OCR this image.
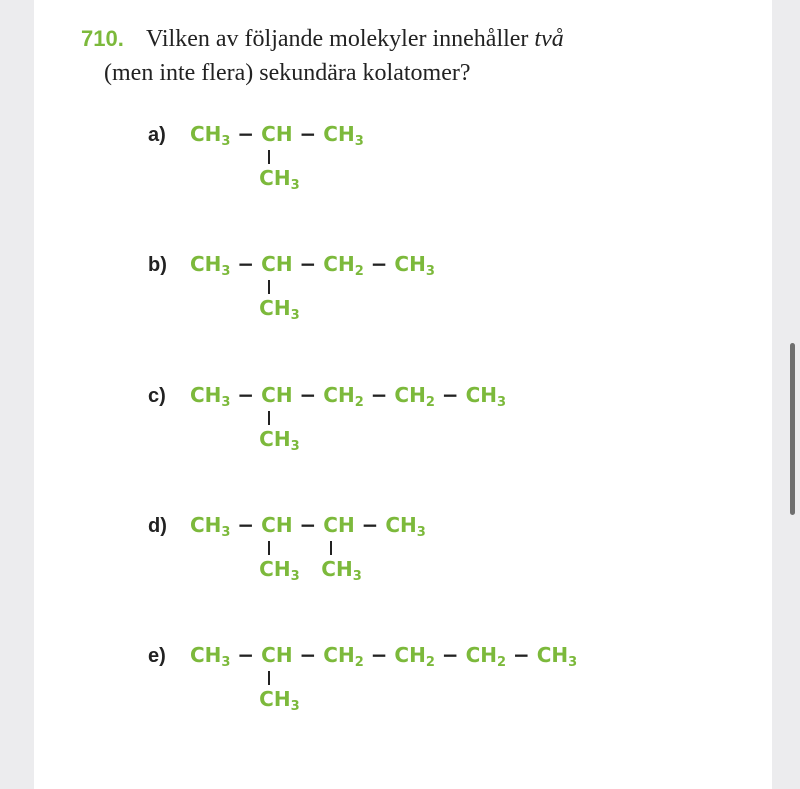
710. Vilken av följande molekyler innehåller två
(men inte flera) sekundära kolatomer?
a) $CH_3$ − CH − $CH_3$
$CH_3$
b) $CH_3$ − CH − $CH_2 - CH_3$
$CH_3$
c) $CH_3$ − CH − $CH_2 - CH_2 - CH_3$
$CH_3$
d) $CH_3$ − CH − CH − $CH_3$
$CH_3$ $CH_3$
e) $CH_3$ − CH − $CH_2 - CH_2 - CH_2 - CH_3$
$CH_3$
